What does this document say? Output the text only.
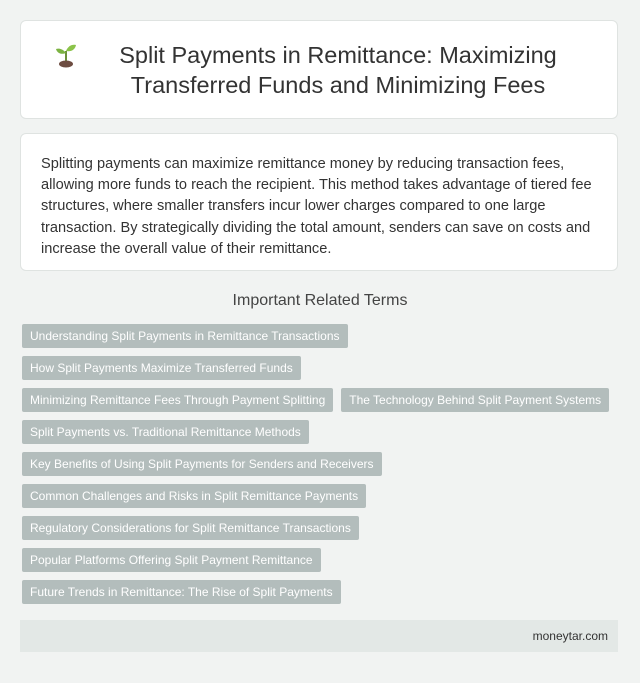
Split Payments in Remittance: Maximizing Transferred Funds and Minimizing Fees

Splitting payments can maximize remittance money by reducing transaction fees, allowing more funds to reach the recipient. This method takes advantage of tiered fee structures, where smaller transfers incur lower charges compared to one large transaction. By strategically dividing the total amount, senders can save on costs and increase the overall value of their remittance.

Important Related Terms
Understanding Split Payments in Remittance Transactions
How Split Payments Maximize Transferred Funds
Minimizing Remittance Fees Through Payment Splitting	The Technology Behind Split Payment Systems
Split Payments vs. Traditional Remittance Methods
Key Benefits of Using Split Payments for Senders and Receivers
Common Challenges and Risks in Split Remittance Payments
Regulatory Considerations for Split Remittance Transactions
Popular Platforms Offering Split Payment Remittance
Future Trends in Remittance: The Rise of Split Payments
moneytar.com
